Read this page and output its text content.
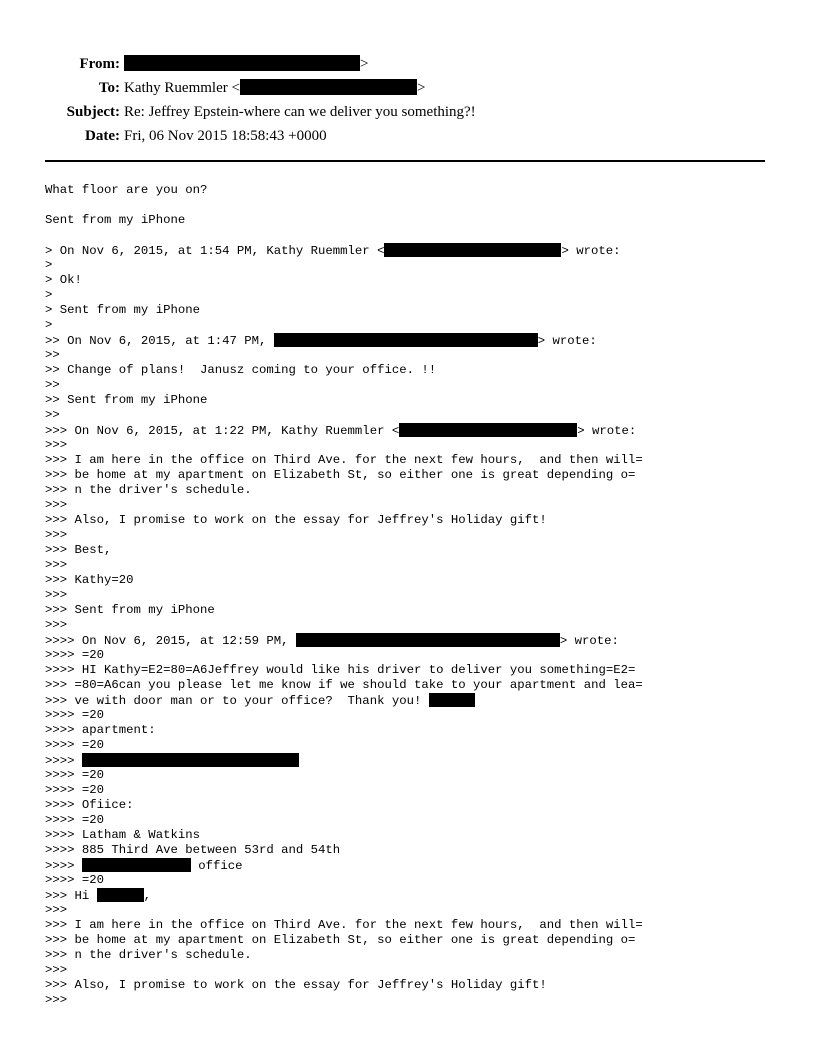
From:	>
To: Kathy Ruemmler <	>
Subject: Re: Jeffrey Epstein-where can we deliver you something?!
Date: Fri, 06 Nov 2015 18:58:43 +0000
What floor are you on?
Sent from my iPhone
> On Nov 6, 2015, at 1:54 PM, Kathy Ruemmler <	> wrote:
>
> Ok!
>
> Sent from my iPhone
>
>> On Nov 6, 2015, at 1:47 PM,	> wrote:
>>
>> Change of plans!  Janusz coming to your office. !!
>>
>> Sent from my iPhone
>>
>>> On Nov 6, 2015, at 1:22 PM, Kathy Ruemmler <	> wrote:
>>>
>>> I am here in the office on Third Ave. for the next few hours,  and then will=
>>> be home at my apartment on Elizabeth St, so either one is great depending o=
>>> n the driver's schedule.
>>>
>>> Also, I promise to work on the essay for Jeffrey's Holiday gift!
>>>
>>> Best,
>>>
>>> Kathy=20
>>>
>>> Sent from my iPhone
>>>
>>>> On Nov 6, 2015, at 12:59 PM,	> wrote:
>>>> =20
>>>> HI Kathy=E2=80=A6Jeffrey would like his driver to deliver you something=E2=
>>> =80=A6can you please let me know if we should take to your apartment and lea=
>>> ve with door man or to your office?  Thank you!
>>>> =20
>>>> apartment:
>>>> =20
>>>>
>>>> =20
>>>> =20
>>>> Ofiice:
>>>> =20
>>>> Latham & Watkins
>>>> 885 Third Ave between 53rd and 54th
>>>>	office
>>>> =20
>>> Hi	,
>>>
>>> I am here in the office on Third Ave. for the next few hours,  and then will=
>>> be home at my apartment on Elizabeth St, so either one is great depending o=
>>> n the driver's schedule.
>>>
>>> Also, I promise to work on the essay for Jeffrey's Holiday gift!
>>>
